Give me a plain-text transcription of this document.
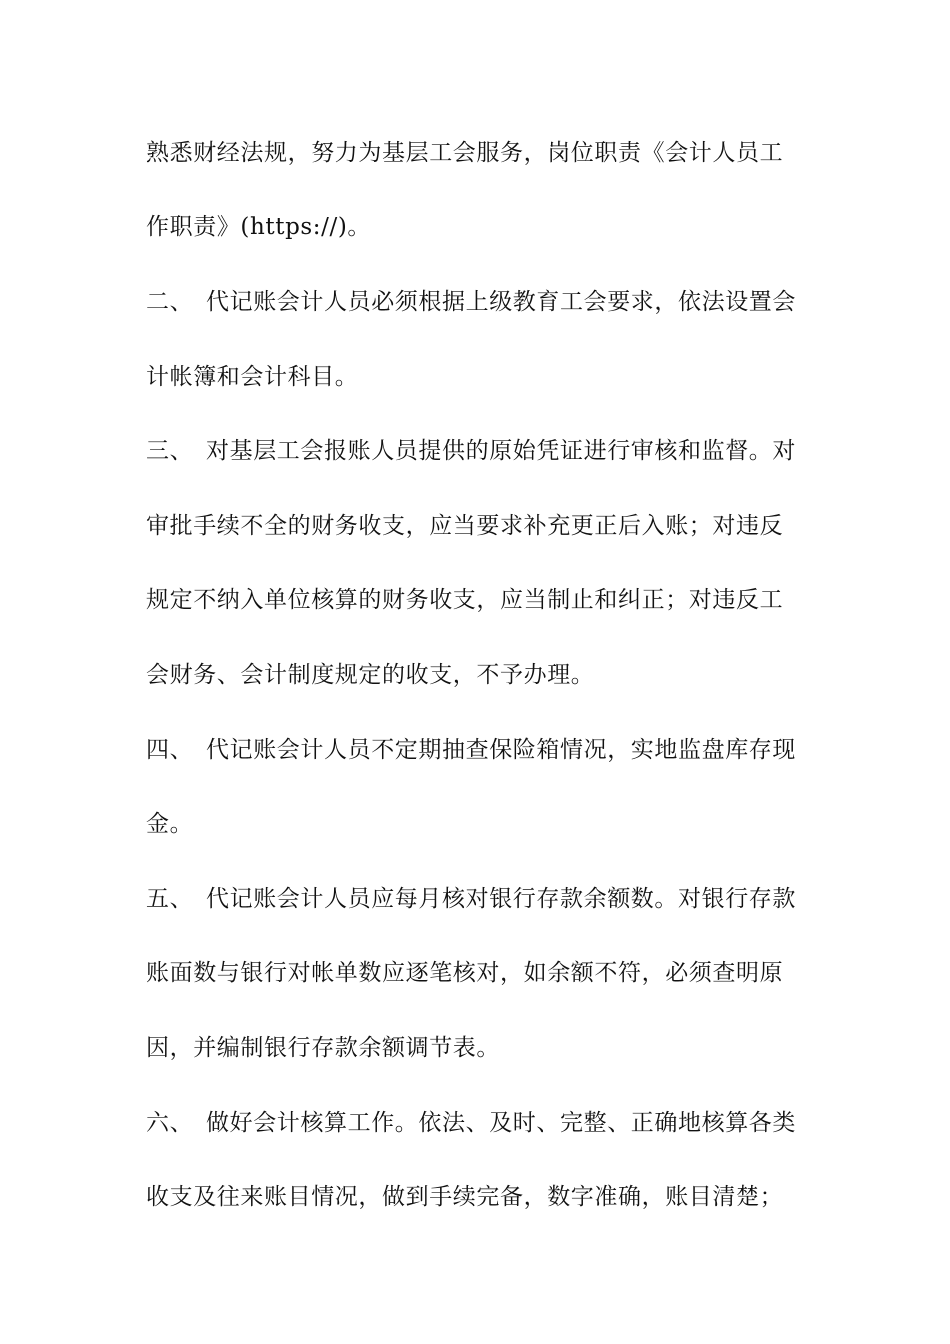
熟悉财经法规，努力为基层工会服务，岗位职责《会计人员工
作职责》(https://)。
二、 代记账会计人员必须根据上级教育工会要求，依法设置会
计帐簿和会计科目。
三、 对基层工会报账人员提供的原始凭证进行审核和监督。对
审批手续不全的财务收支，应当要求补充更正后入账；对违反
规定不纳入单位核算的财务收支，应当制止和纠正；对违反工
会财务、会计制度规定的收支，不予办理。
四、 代记账会计人员不定期抽查保险箱情况，实地监盘库存现
金。
五、 代记账会计人员应每月核对银行存款余额数。对银行存款
账面数与银行对帐单数应逐笔核对，如余额不符，必须查明原
因，并编制银行存款余额调节表。
六、 做好会计核算工作。依法、及时、完整、正确地核算各类
收支及往来账目情况，做到手续完备，数字准确，账目清楚；
